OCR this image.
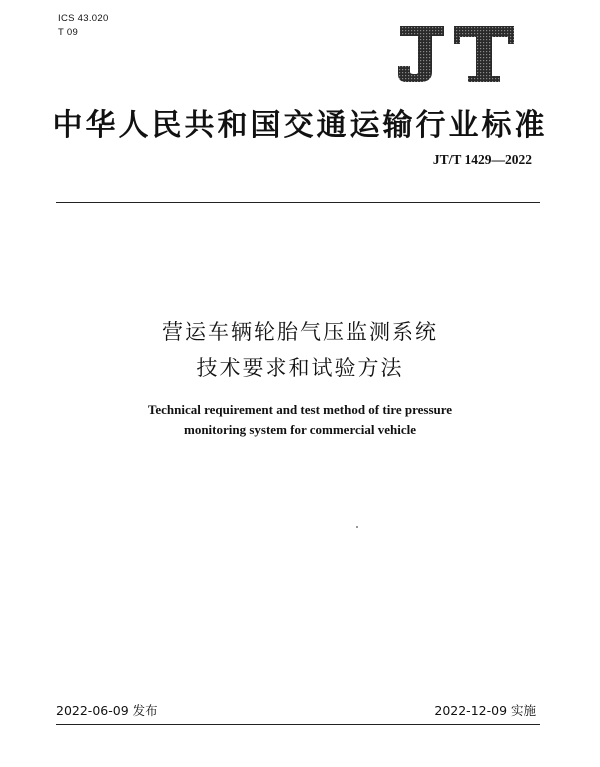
ICS 43.020
T 09
中华人民共和国交通运输行业标准
JT/T 1429—2022
营运车辆轮胎气压监测系统
技术要求和试验方法
Technical requirement and test method of tire pressure
monitoring system for commercial vehicle
2022-06-09 发布	2022-12-09 实施
